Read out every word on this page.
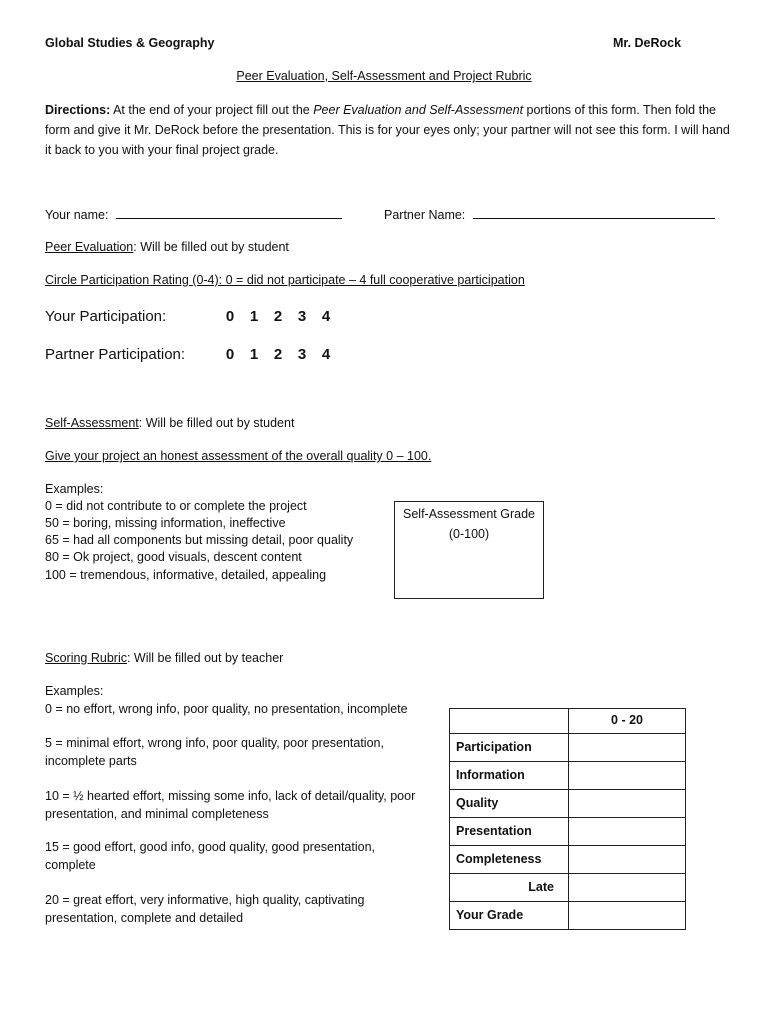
Global Studies & Geography	Mr. DeRock
Peer Evaluation, Self-Assessment and Project Rubric
Directions: At the end of your project fill out the Peer Evaluation and Self-Assessment portions of this form. Then fold the form and give it Mr. DeRock before the presentation. This is for your eyes only; your partner will not see this form. I will hand it back to you with your final project grade.
Your name:	Partner Name:
Peer Evaluation: Will be filled out by student
Circle Participation Rating (0-4): 0 = did not participate – 4 full cooperative participation
Your Participation:	0 1 2 3 4
Partner Participation:	0 1 2 3 4
Self-Assessment: Will be filled out by student
Give your project an honest assessment of the overall quality 0 – 100.
Examples:
0 = did not contribute to or complete the project
50 = boring, missing information, ineffective
65 = had all components but missing detail, poor quality
80 = Ok project, good visuals, descent content
100 = tremendous, informative, detailed, appealing
Self-Assessment Grade
(0-100)
Scoring Rubric: Will be filled out by teacher
Examples:
0 = no effort, wrong info, poor quality, no presentation, incomplete
5 = minimal effort, wrong info, poor quality, poor presentation, incomplete parts
10 = ½ hearted effort, missing some info, lack of detail/quality, poor presentation, and minimal completeness
15 = good effort, good info, good quality, good presentation, complete
20 = great effort, very informative, high quality, captivating presentation, complete and detailed
	0 - 20
Participation	
Information	
Quality	
Presentation	
Completeness	
Late	
Your Grade	
